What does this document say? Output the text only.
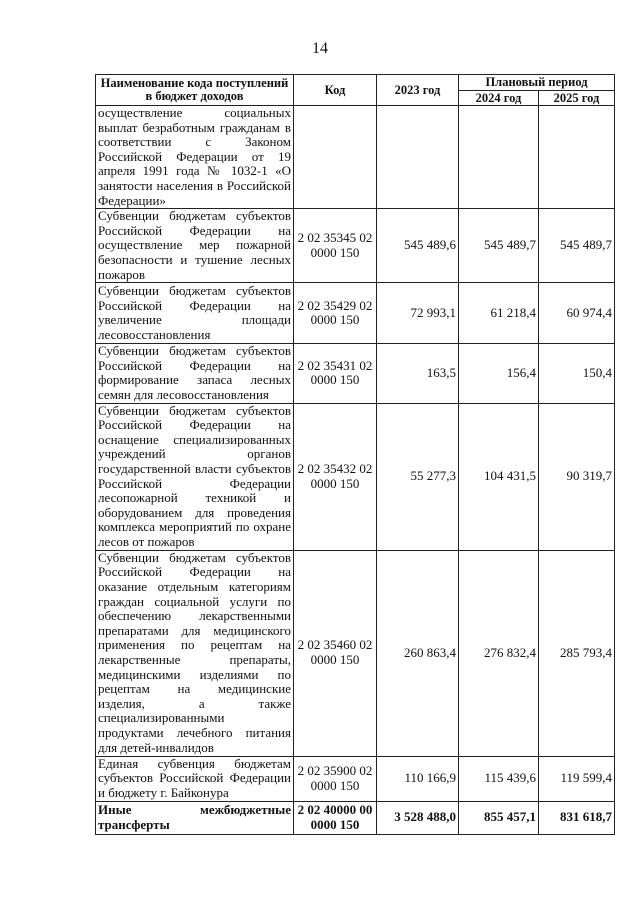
14
Наименование кода поступлений в бюджет доходов	Код	2023 год	Плановый период	
			2024 год	2025 год
осуществление социальных выплат безработным гражданам в соответствии с Законом Российской Федерации от 19 апреля 1991 года № 1032-1 «О занятости населения в Российской Федерации»				
Субвенции бюджетам субъектов Российской Федерации на осуществление мер пожарной безопасности и тушение лесных пожаров	2 02 35345 02 0000 150	545 489,6	545 489,7	545 489,7
Субвенции бюджетам субъектов Российской Федерации на увеличение площади лесовосстановления	2 02 35429 02 0000 150	72 993,1	61 218,4	60 974,4
Субвенции бюджетам субъектов Российской Федерации на формирование запаса лесных семян для лесовосстановления	2 02 35431 02 0000 150	163,5	156,4	150,4
Субвенции бюджетам субъектов Российской Федерации на оснащение специализированных учреждений органов государственной власти субъектов Российской Федерации лесопожарной техникой и оборудованием для проведения комплекса мероприятий по охране лесов от пожаров	2 02 35432 02 0000 150	55 277,3	104 431,5	90 319,7
Субвенции бюджетам субъектов Российской Федерации на оказание отдельным категориям граждан социальной услуги по обеспечению лекарственными препаратами для медицинского применения по рецептам на лекарственные препараты, медицинскими изделиями по рецептам на медицинские изделия, а также специализированными продуктами лечебного питания для детей-инвалидов	2 02 35460 02 0000 150	260 863,4	276 832,4	285 793,4
Единая субвенция бюджетам субъектов Российской Федерации и бюджету г. Байконура	2 02 35900 02 0000 150	110 166,9	115 439,6	119 599,4
Иные межбюджетные трансферты	2 02 40000 00 0000 150	3 528 488,0	855 457,1	831 618,7
